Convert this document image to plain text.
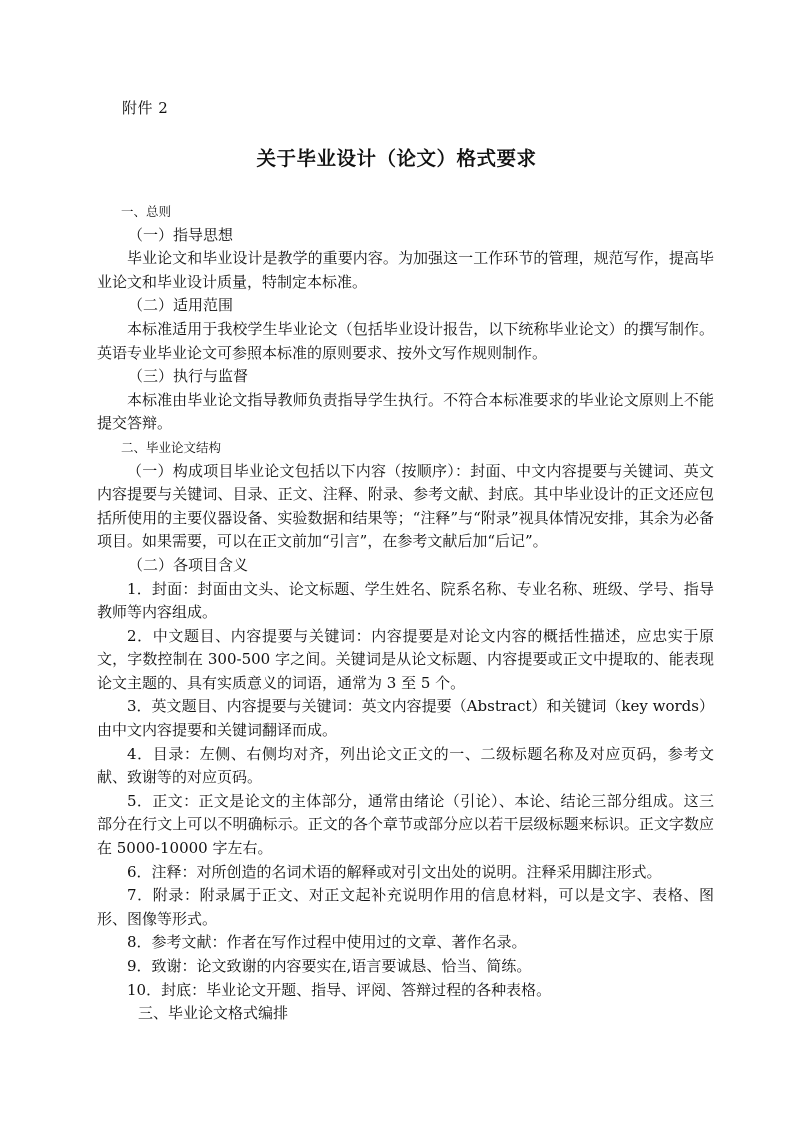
附件 2
关于毕业设计（论文）格式要求

一、总则

（一）指导思想

毕业论文和毕业设计是教学的重要内容。为加强这一工作环节的管理，规范写作，提高毕业论文和毕业设计质量，特制定本标准。

（二）适用范围

本标准适用于我校学生毕业论文（包括毕业设计报告，以下统称毕业论文）的撰写制作。英语专业毕业论文可参照本标准的原则要求、按外文写作规则制作。

（三）执行与监督

本标准由毕业论文指导教师负责指导学生执行。不符合本标准要求的毕业论文原则上不能提交答辩。

二、毕业论文结构

（一）构成项目毕业论文包括以下内容（按顺序）：封面、中文内容提要与关键词、英文内容提要与关键词、目录、正文、注释、附录、参考文献、封底。其中毕业设计的正文还应包括所使用的主要仪器设备、实验数据和结果等；“注释”与“附录”视具体情况安排，其余为必备项目。如果需要，可以在正文前加“引言”，在参考文献后加“后记”。

（二）各项目含义

1．封面：封面由文头、论文标题、学生姓名、院系名称、专业名称、班级、学号、指导教师等内容组成。

2．中文题目、内容提要与关键词：内容提要是对论文内容的概括性描述，应忠实于原文，字数控制在 300-500 字之间。关键词是从论文标题、内容提要或正文中提取的、能表现论文主题的、具有实质意义的词语，通常为 3 至 5 个。

3．英文题目、内容提要与关键词：英文内容提要（Abstract）和关键词（key words）由中文内容提要和关键词翻译而成。

4．目录：左侧、右侧均对齐，列出论文正文的一、二级标题名称及对应页码，参考文献、致谢等的对应页码。

5．正文：正文是论文的主体部分，通常由绪论（引论）、本论、结论三部分组成。这三部分在行文上可以不明确标示。正文的各个章节或部分应以若干层级标题来标识。正文字数应在 5000-10000 字左右。

6．注释：对所创造的名词术语的解释或对引文出处的说明。注释采用脚注形式。

7．附录：附录属于正文、对正文起补充说明作用的信息材料，可以是文字、表格、图形、图像等形式。

8．参考文献：作者在写作过程中使用过的文章、著作名录。

9．致谢：论文致谢的内容要实在,语言要诚恳、恰当、简练。

10．封底：毕业论文开题、指导、评阅、答辩过程的各种表格。

三、毕业论文格式编排
